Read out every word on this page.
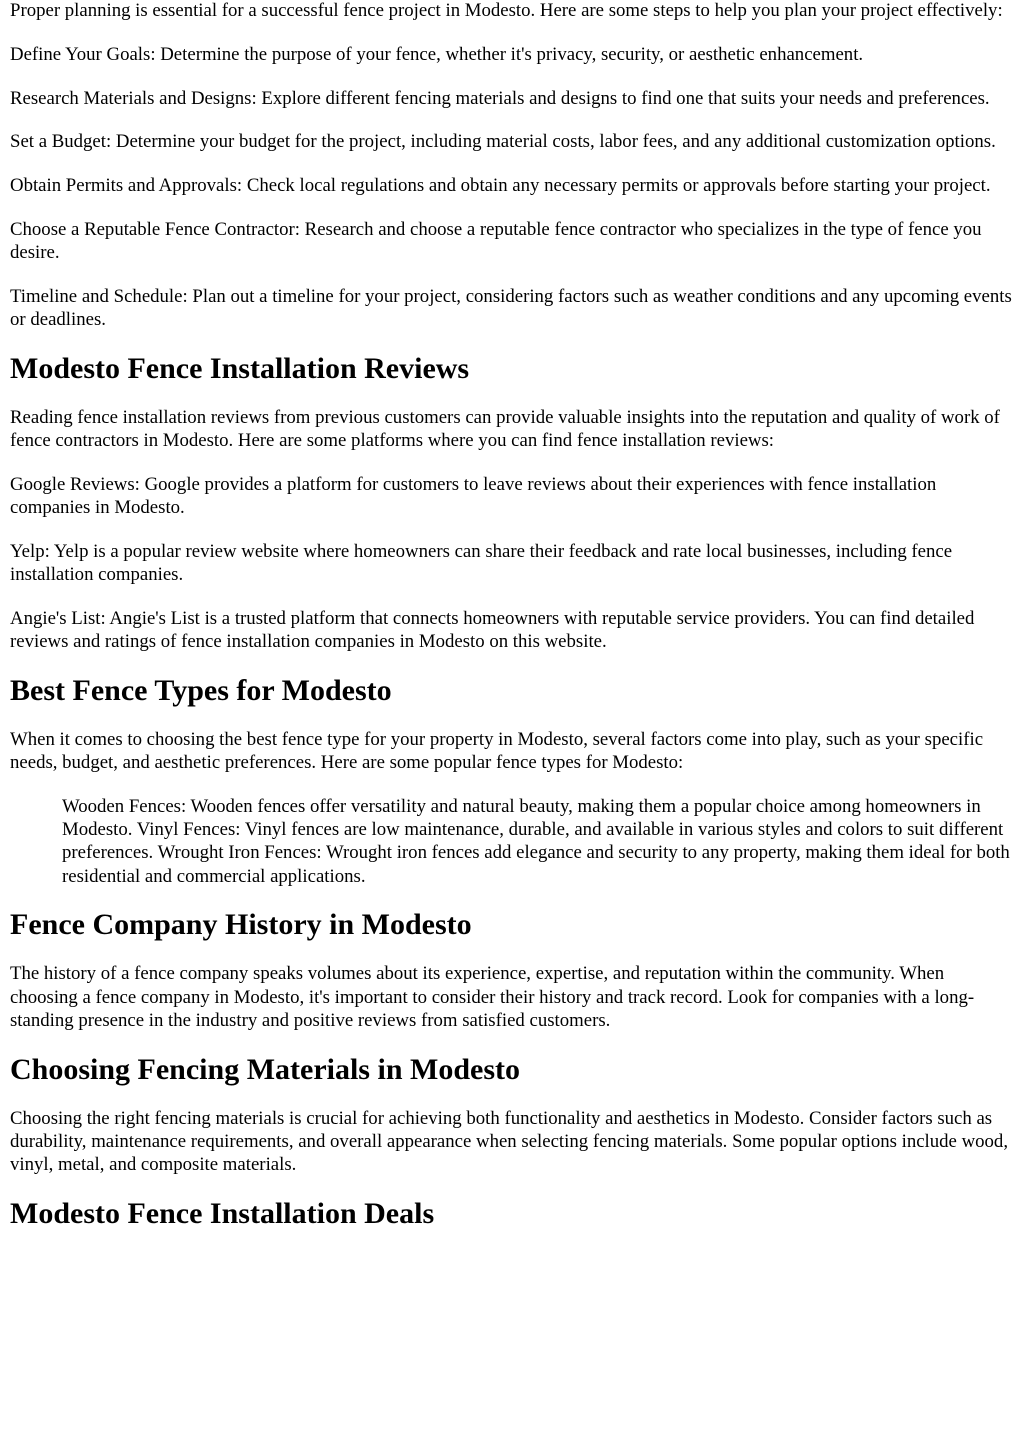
Proper planning is essential for a successful fence project in Modesto. Here are some steps to help you plan your project effectively:

Define Your Goals: Determine the purpose of your fence, whether it's privacy, security, or aesthetic enhancement.

Research Materials and Designs: Explore different fencing materials and designs to find one that suits your needs and preferences.

Set a Budget: Determine your budget for the project, including material costs, labor fees, and any additional customization options.

Obtain Permits and Approvals: Check local regulations and obtain any necessary permits or approvals before starting your project.

Choose a Reputable Fence Contractor: Research and choose a reputable fence contractor who specializes in the type of fence you desire.

Timeline and Schedule: Plan out a timeline for your project, considering factors such as weather conditions and any upcoming events or deadlines.

Modesto Fence Installation Reviews

Reading fence installation reviews from previous customers can provide valuable insights into the reputation and quality of work of fence contractors in Modesto. Here are some platforms where you can find fence installation reviews:

Google Reviews: Google provides a platform for customers to leave reviews about their experiences with fence installation companies in Modesto.

Yelp: Yelp is a popular review website where homeowners can share their feedback and rate local businesses, including fence installation companies.

Angie's List: Angie's List is a trusted platform that connects homeowners with reputable service providers. You can find detailed reviews and ratings of fence installation companies in Modesto on this website.

Best Fence Types for Modesto

When it comes to choosing the best fence type for your property in Modesto, several factors come into play, such as your specific needs, budget, and aesthetic preferences. Here are some popular fence types for Modesto:

Wooden Fences: Wooden fences offer versatility and natural beauty, making them a popular choice among homeowners in Modesto. Vinyl Fences: Vinyl fences are low maintenance, durable, and available in various styles and colors to suit different preferences. Wrought Iron Fences: Wrought iron fences add elegance and security to any property, making them ideal for both residential and commercial applications.
Fence Company History in Modesto

The history of a fence company speaks volumes about its experience, expertise, and reputation within the community. When choosing a fence company in Modesto, it's important to consider their history and track record. Look for companies with a long-standing presence in the industry and positive reviews from satisfied customers.

Choosing Fencing Materials in Modesto

Choosing the right fencing materials is crucial for achieving both functionality and aesthetics in Modesto. Consider factors such as durability, maintenance requirements, and overall appearance when selecting fencing materials. Some popular options include wood, vinyl, metal, and composite materials.

Modesto Fence Installation Deals
